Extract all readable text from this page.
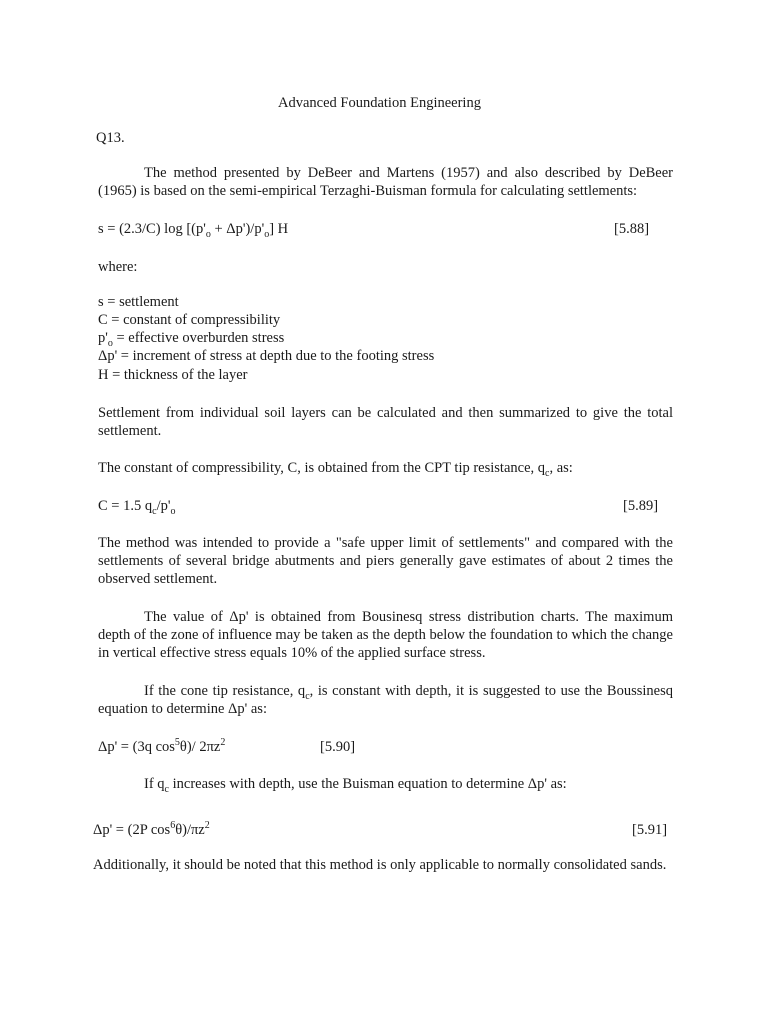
Advanced Foundation Engineering
Q13.
The method presented by DeBeer and Martens (1957) and also described by DeBeer (1965) is based on the semi-empirical Terzaghi-Buisman formula for calculating settlements:
s = (2.3/C) $\log [(p'_o + \Delta p')/p'_o]$ H	[5.88]
where:
s = settlement
C = constant of compressibility
$p'_o$ = effective overburden stress
Δp' = increment of stress at depth due to the footing stress
H = thickness of the layer
Settlement from individual soil layers can be calculated and then summarized to give the total settlement.
The constant of compressibility, C, is obtained from the CPT tip resistance, $q_c$, as:
C = 1.5 $q_c/p'_o$	[5.89]
The method was intended to provide a "safe upper limit of settlements" and compared with the settlements of several bridge abutments and piers generally gave estimates of about 2 times the observed settlement.
The value of Δp' is obtained from Bousinesq stress distribution charts. The maximum depth of the zone of influence may be taken as the depth below the foundation to which the change in vertical effective stress equals 10% of the applied surface stress.
If the cone tip resistance, $q_c$, is constant with depth, it is suggested to use the Boussinesq equation to determine Δp' as:
Δp' = (3q $\cos^5\theta)/$ $2\pi z^2$	[5.90]
If $q_c$ increases with depth, use the Buisman equation to determine Δp' as:
Δp' = (2P $\cos^6\theta)/\pi z^2$	[5.91]
Additionally, it should be noted that this method is only applicable to normally consolidated sands.
